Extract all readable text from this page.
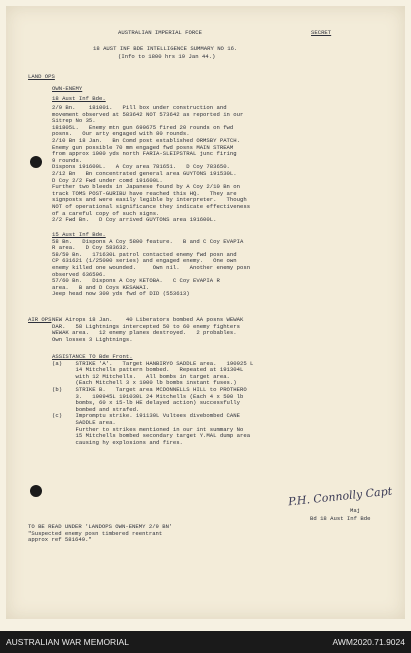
AUSTRALIAN IMPERIAL FORCE	SECRET
18 AUST INF BDE INTELLIGENCE SUMMARY NO 16.
(Info to 1800 hrs 19 Jan 44.)
LAND OPS
OWN-ENEMY
18 Aust Inf Bde.
2/9 Bn.    181001.   Pill box under construction and
movement observed at 583642 NOT 573642 as reported in our
Sitrep No 35.
181805L.   Enemy mtn gun 690675 fired 20 rounds on fwd
posns.   Our arty engaged with 80 rounds.
2/10 Bn 18 Jan.   Bn Comd post established ORMSBY PATCH.
Enemy gun possible 70 mm engaged fwd posns MAIN STREAM
from approx 1000 yds north FARIA-SLEIPSTRAL junc firing
9 rounds.
Dispons 191600L.   A Coy area 781651.   D Coy 783650.
2/12 Bn   Bn concentrated general area GUYTONS 191530L.
D Coy 2/2 Fwd under comd 191600L.
Further two bleeds in Japanese found by A Coy 2/10 Bn on
track TOMS POST-GURIBU have reached this HQ.   They are
signposts and were easily legible by interpreter.   Though
NOT of operational significance they indicate effectiveness
of a careful copy of such signs.
2/2 Fwd Bn.   D Coy arrived GUYTONS area 191600L.
15 Aust Inf Bde.
58 Bn.   Dispons A Coy 5800 feature.   B and C Coy EVAPIA
R area.   D Coy 583632.
58/59 Bn.   171630L patrol contacted enemy fwd posn and
CP 631621 (1/25000 series) and engaged enemy.   One own
enemy killed one wounded.     Own nil.   Another enemy posn
observed 636596.
57/60 Bn.   Dispons A Coy KETOBA.   C Coy EVAPIA R
area.   B and D Coys KESAWAI.
Jeep head now 300 yds fwd of DID (553613)
AIR OPS NEW Airops 18 Jan.    40 Liberators bombed AA posns WEWAK
DAR.   58 Lightnings intercepted 50 to 60 enemy fighters
WEWAK area.   12 enemy planes destroyed.   2 probables.
Own losses 3 Lightnings.
ASSISTANCE TO Bde Front.
(a)    STRIKE 'A'.   Target HANBIRYO SADDLE area.   190925 L
14 Mitchells pattern bombed.   Repeated at 191304L
with 12 Mitchells.   All bombs in target area.
(Each Mitchell 3 x 1000 lb bombs instant fuses.)
(b)    STRIKE B.   Target area MCDONNELLS HILL to PROTHERO
3.   190945L 191030L 24 Mitchells (Each 4 x 500 lb
bombs, 60 x 15-lb HE delayed action) successfully
bombed and strafed.
(c)    Impromptu strike. 191130L Vultees divebombed CANE
SADDLE area.
Further to strikes mentioned in our int summary No
15 Mitchells bombed secondary target Y.MAL dump area
causing hy explosions and fires.
P.H. Connolly Capt
Maj
Bd 18 Aust Inf Bde
TO BE READ UNDER 'LANDOPS OWN-ENEMY 2/9 BN'
"Suspected enemy posn timbered reentrant
approx ref 581649."
AUSTRALIAN WAR MEMORIAL	AWM2020.71.9024
